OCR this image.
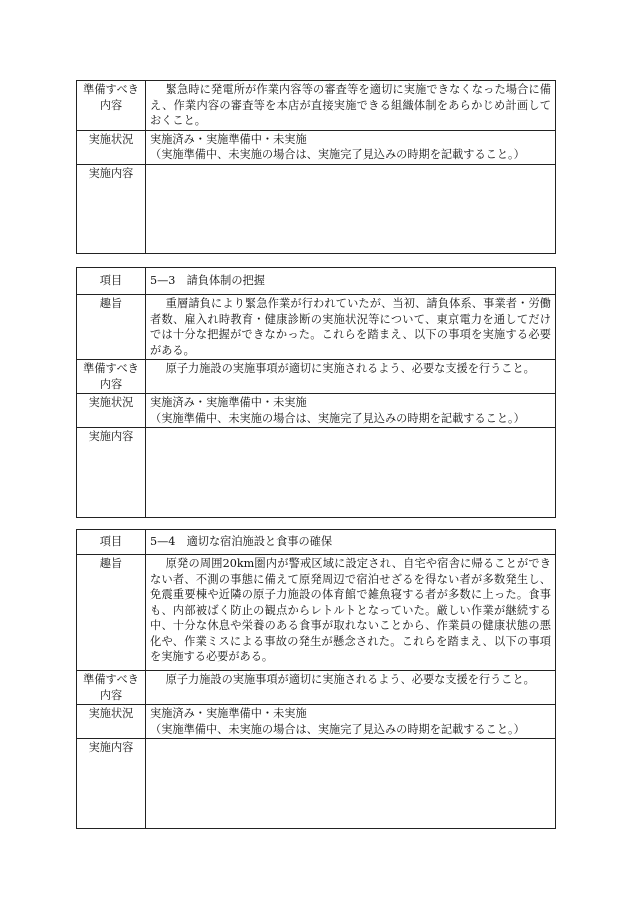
準備すべき内容	緊急時に発電所が作業内容等の審査等を適切に実施できなくなった場合に備え、作業内容の審査等を本店が直接実施できる組織体制をあらかじめ計画しておくこと。

実施状況	実施済み・実施準備中・未実施

（実施準備中、未実施の場合は、実施完了見込みの時期を記載すること。）

実施内容	
項目	5—3　請負体制の把握
趣旨	重層請負により緊急作業が行われていたが、当初、請負体系、事業者・労働者数、雇入れ時教育・健康診断の実施状況等について、東京電力を通してだけでは十分な把握ができなかった。これらを踏まえ、以下の事項を実施する必要がある。

準備すべき内容	原子力施設の実施事項が適切に実施されるよう、必要な支援を行うこと。

実施状況	実施済み・実施準備中・未実施

（実施準備中、未実施の場合は、実施完了見込みの時期を記載すること。）

実施内容	
項目	5—4　適切な宿泊施設と食事の確保
趣旨	原発の周囲20km圏内が警戒区域に設定され、自宅や宿舎に帰ることができない者、不測の事態に備えて原発周辺で宿泊せざるを得ない者が多数発生し、免震重要棟や近隣の原子力施設の体育館で雑魚寝する者が多数に上った。食事も、内部被ばく防止の観点からレトルトとなっていた。厳しい作業が継続する中、十分な休息や栄養のある食事が取れないことから、作業員の健康状態の悪化や、作業ミスによる事故の発生が懸念された。これらを踏まえ、以下の事項を実施する必要がある。

準備すべき内容	原子力施設の実施事項が適切に実施されるよう、必要な支援を行うこと。

実施状況	実施済み・実施準備中・未実施

（実施準備中、未実施の場合は、実施完了見込みの時期を記載すること。）

実施内容	
